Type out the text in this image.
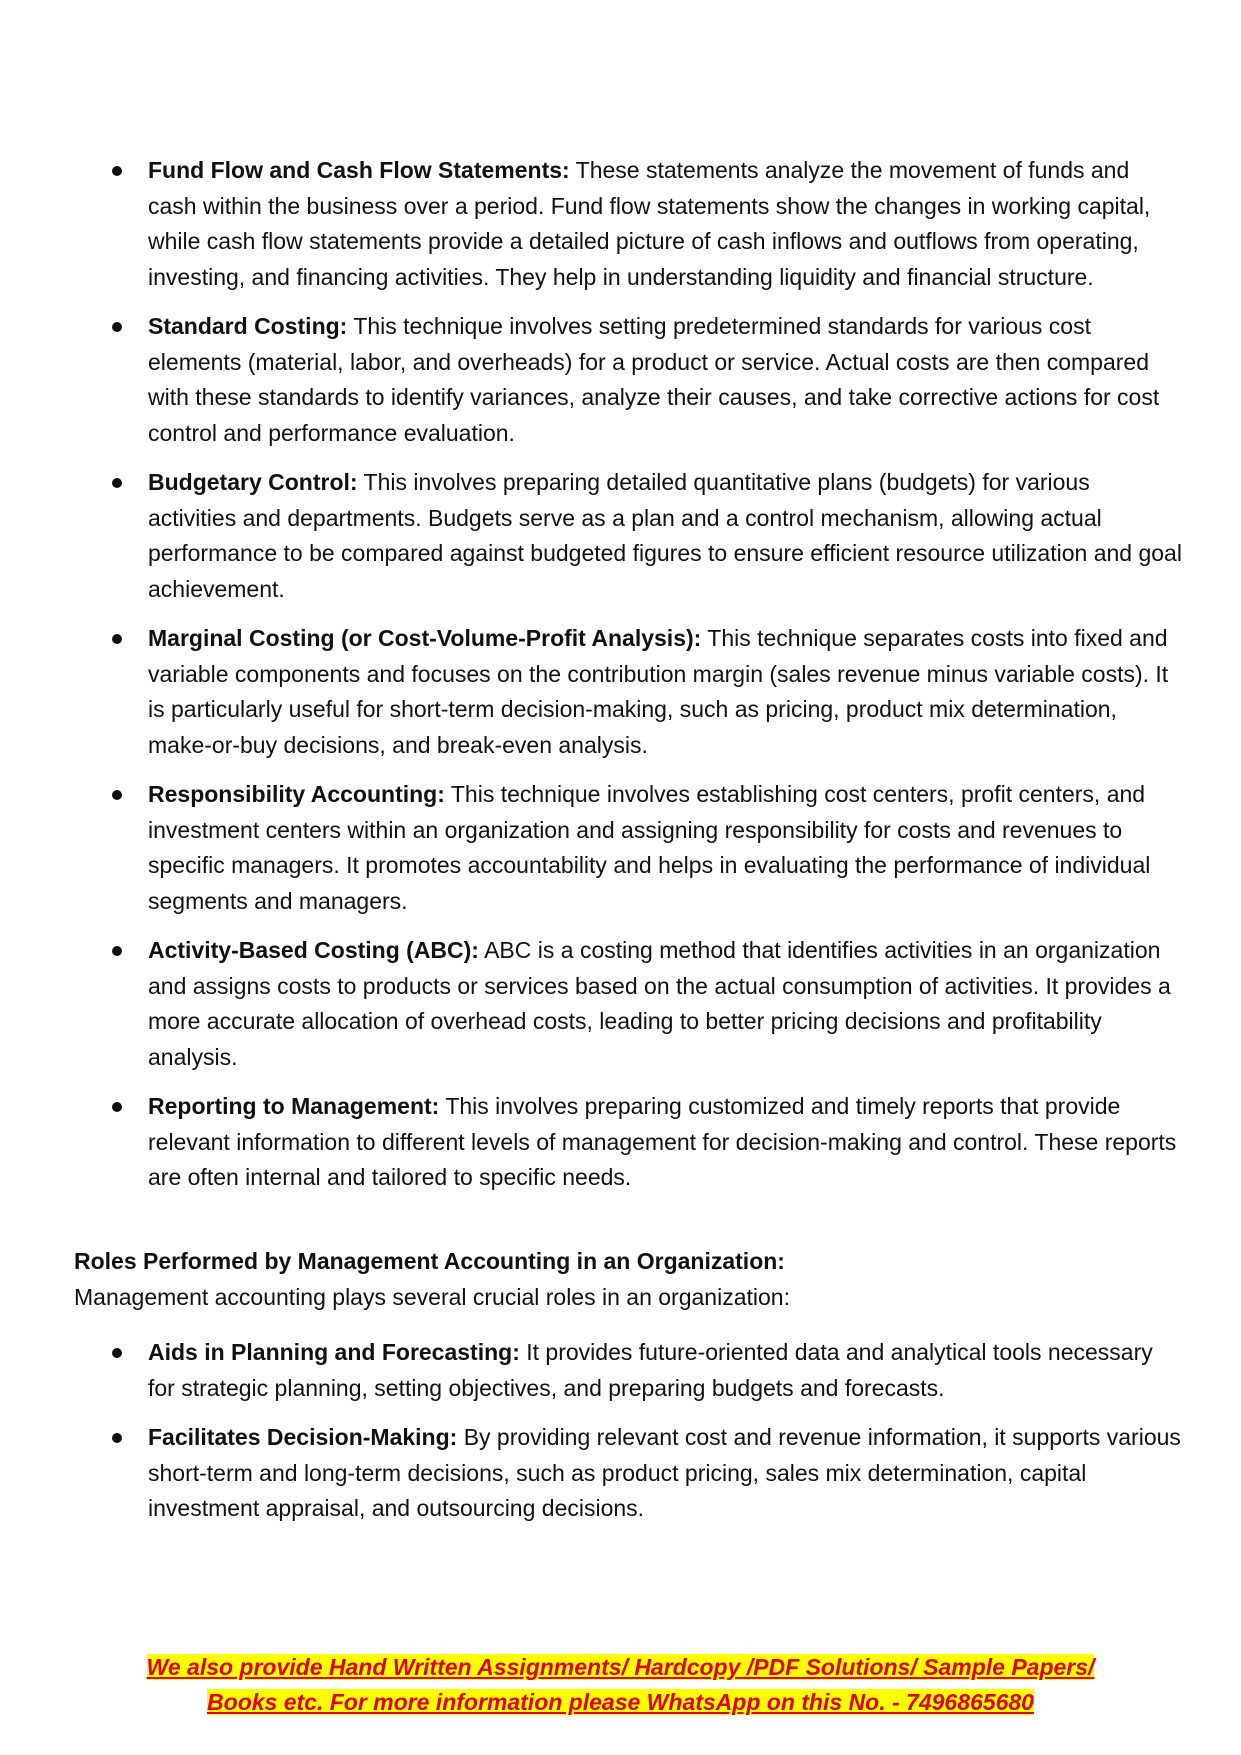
Fund Flow and Cash Flow Statements: These statements analyze the movement of funds and cash within the business over a period. Fund flow statements show the changes in working capital, while cash flow statements provide a detailed picture of cash inflows and outflows from operating, investing, and financing activities. They help in understanding liquidity and financial structure.
Standard Costing: This technique involves setting predetermined standards for various cost elements (material, labor, and overheads) for a product or service. Actual costs are then compared with these standards to identify variances, analyze their causes, and take corrective actions for cost control and performance evaluation.
Budgetary Control: This involves preparing detailed quantitative plans (budgets) for various activities and departments. Budgets serve as a plan and a control mechanism, allowing actual performance to be compared against budgeted figures to ensure efficient resource utilization and goal achievement.
Marginal Costing (or Cost-Volume-Profit Analysis): This technique separates costs into fixed and variable components and focuses on the contribution margin (sales revenue minus variable costs). It is particularly useful for short-term decision-making, such as pricing, product mix determination, make-or-buy decisions, and break-even analysis.
Responsibility Accounting: This technique involves establishing cost centers, profit centers, and investment centers within an organization and assigning responsibility for costs and revenues to specific managers. It promotes accountability and helps in evaluating the performance of individual segments and managers.
Activity-Based Costing (ABC): ABC is a costing method that identifies activities in an organization and assigns costs to products or services based on the actual consumption of activities. It provides a more accurate allocation of overhead costs, leading to better pricing decisions and profitability analysis.
Reporting to Management: This involves preparing customized and timely reports that provide relevant information to different levels of management for decision-making and control. These reports are often internal and tailored to specific needs.

Roles Performed by Management Accounting in an Organization:

Management accounting plays several crucial roles in an organization:

Aids in Planning and Forecasting: It provides future-oriented data and analytical tools necessary for strategic planning, setting objectives, and preparing budgets and forecasts.
Facilitates Decision-Making: By providing relevant cost and revenue information, it supports various short-term and long-term decisions, such as product pricing, sales mix determination, capital investment appraisal, and outsourcing decisions.
We also provide Hand Written Assignments/ Hardcopy /PDF Solutions/ Sample Papers/
Books etc. For more information please WhatsApp on this No. - 7496865680
